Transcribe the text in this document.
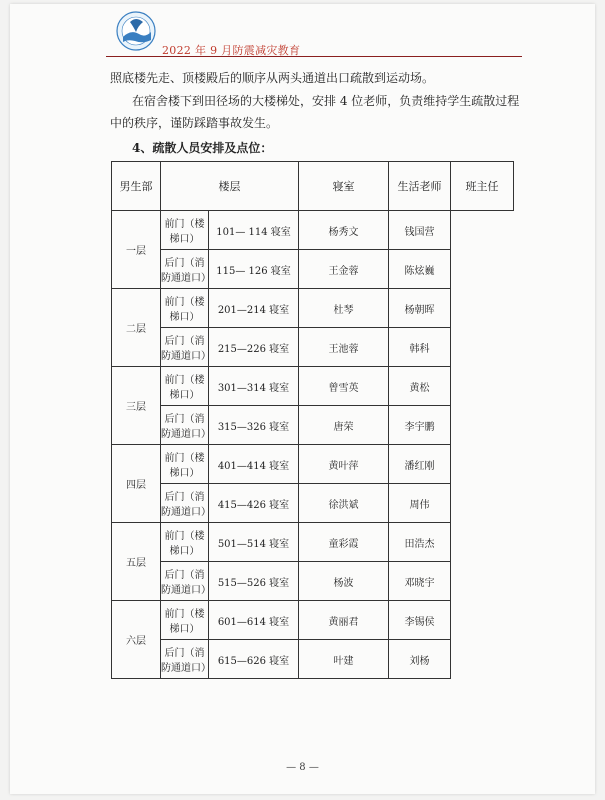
2022 年 9 月防震减灾教育
照底楼先走、顶楼殿后的顺序从两头通道出口疏散到运动场。
在宿舍楼下到田径场的大楼梯处，安排 4 位老师，负责维持学生疏散过程
中的秩序，谨防踩踏事故发生。
4、疏散人员安排及点位：
男生部	楼层		寝室	生活老师	班主任
一层	前门（楼梯口）	101— 114 寝室	杨秀文	钱国营	
	后门（消防通道口）	115— 126 寝室	王金蓉	陈炫巍	
二层	前门（楼梯口）	201—214 寝室	杜琴	杨朝晖	
	后门（消防通道口）	215—226 寝室	王池蓉	韩科	
三层	前门（楼梯口）	301—314 寝室	曾雪英	黄松	
	后门（消防通道口）	315—326 寝室	唐荣	李宇鹏	
四层	前门（楼梯口）	401—414 寝室	黄叶萍	潘红刚	
	后门（消防通道口）	415—426 寝室	徐洪斌	周伟	
五层	前门（楼梯口）	501—514 寝室	童彩霞	田浩杰	
	后门（消防通道口）	515—526 寝室	杨波	邓晓宇	
六层	前门（楼梯口）	601—614 寝室	黄丽君	李锡侯	
	后门（消防通道口）	615—626 寝室	叶建	刘杨	
— 8 —
